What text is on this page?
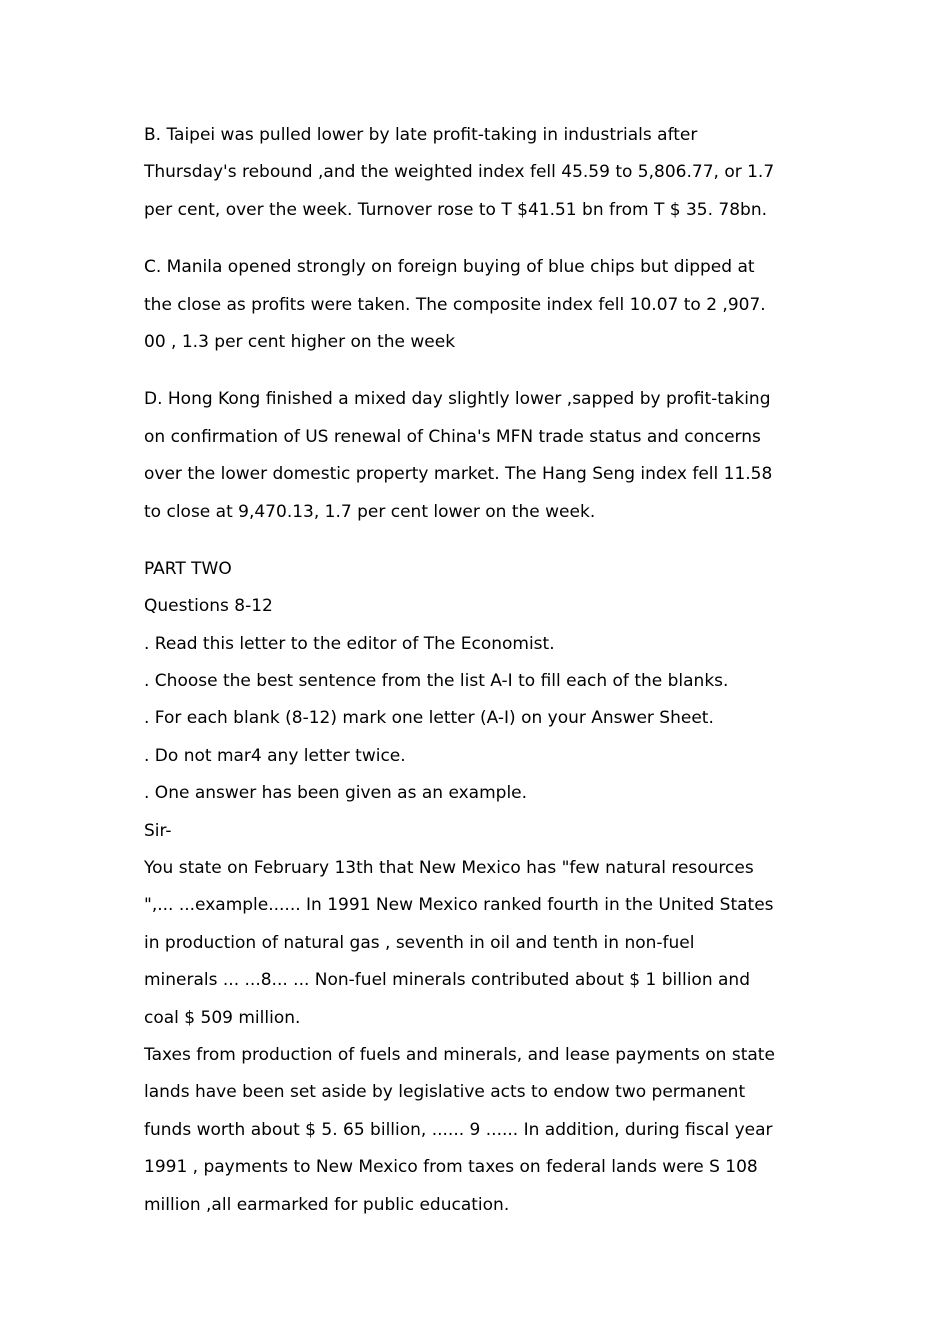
B. Taipei was pulled lower by late profit-taking in industrials after
Thursday's rebound ,and the weighted index fell 45.59 to 5,806.77, or 1.7
per cent, over the week. Turnover rose to T $41.51 bn from T $ 35. 78bn.
C. Manila opened strongly on foreign buying of blue chips but dipped at
the close as profits were taken. The composite index fell 10.07 to 2 ,907.
00 , 1.3 per cent higher on the week
D. Hong Kong finished a mixed day slightly lower ,sapped by profit-taking
on confirmation of US renewal of China's MFN trade status and concerns
over the lower domestic property market. The Hang Seng index fell 11.58
to close at 9,470.13, 1.7 per cent lower on the week.
PART TWO
Questions 8-12
. Read this letter to the editor of The Economist.
. Choose the best sentence from the list A-I to fill each of the blanks.
. For each blank (8-12) mark one letter (A-I) on your Answer Sheet.
. Do not mar4 any letter twice.
. One answer has been given as an example.
Sir-
You state on February 13th that New Mexico has "few natural resources
",... ...example...... In 1991 New Mexico ranked fourth in the United States
in production of natural gas , seventh in oil and tenth in non-fuel
minerals ... ...8... ... Non-fuel minerals contributed about $ 1 billion and
coal $ 509 million.
Taxes from production of fuels and minerals, and lease payments on state
lands have been set aside by legislative acts to endow two permanent
funds worth about $ 5. 65 billion, ...... 9 ...... In addition, during fiscal year
1991 , payments to New Mexico from taxes on federal lands were S 108
million ,all earmarked for public education.
